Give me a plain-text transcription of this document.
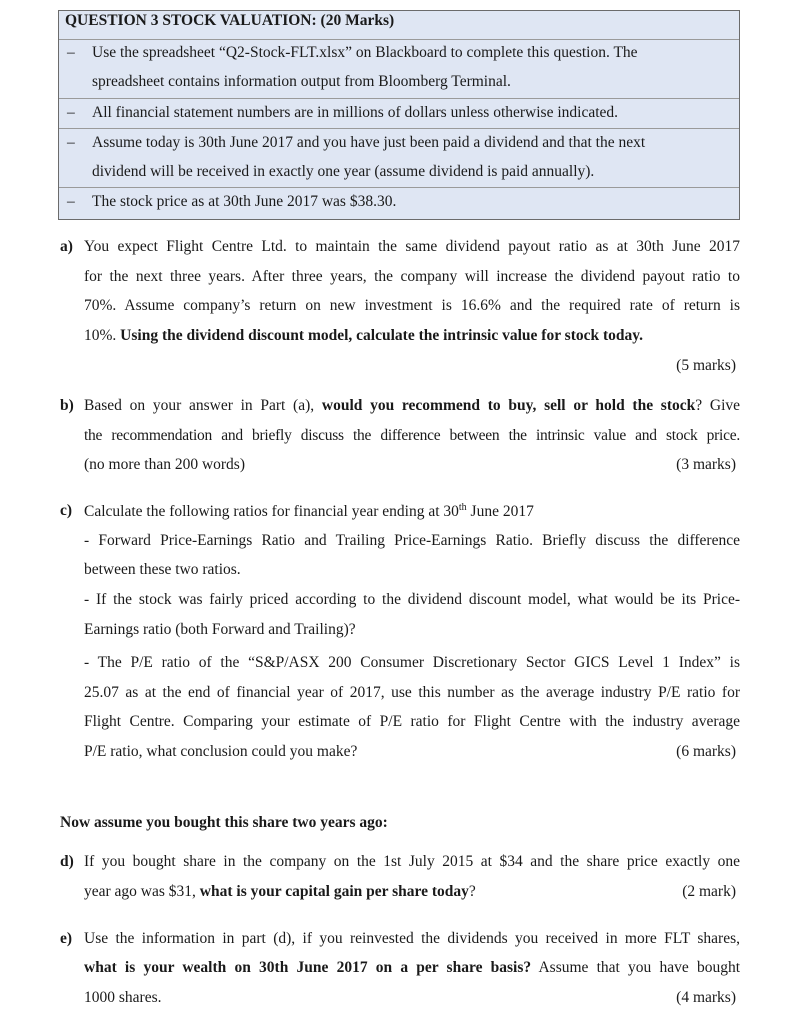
QUESTION 3 STOCK VALUATION: (20 Marks)
– Use the spreadsheet “Q2-Stock-FLT.xlsx” on Blackboard to complete this question. The
spreadsheet contains information output from Bloomberg Terminal.
– All financial statement numbers are in millions of dollars unless otherwise indicated.
– Assume today is 30th June 2017 and you have just been paid a dividend and that the next
dividend will be received in exactly one year (assume dividend is paid annually).
– The stock price as at 30th June 2017 was $38.30.
a) You expect Flight Centre Ltd. to maintain the same dividend payout ratio as at 30th June 2017
for the next three years. After three years, the company will increase the dividend payout ratio to
70%. Assume company’s return on new investment is 16.6% and the required rate of return is
10%. Using the dividend discount model, calculate the intrinsic value for stock today.
(5 marks)
b) Based on your answer in Part (a), would you recommend to buy, sell or hold the stock? Give
the recommendation and briefly discuss the difference between the intrinsic value and stock price.
(no more than 200 words)	(3 marks)
c) Calculate the following ratios for financial year ending at 30th June 2017
- Forward Price-Earnings Ratio and Trailing Price-Earnings Ratio. Briefly discuss the difference
between these two ratios.
- If the stock was fairly priced according to the dividend discount model, what would be its Price-
Earnings ratio (both Forward and Trailing)?
- The P/E ratio of the “S&P/ASX 200 Consumer Discretionary Sector GICS Level 1 Index” is
25.07 as at the end of financial year of 2017, use this number as the average industry P/E ratio for
Flight Centre. Comparing your estimate of P/E ratio for Flight Centre with the industry average
P/E ratio, what conclusion could you make?	(6 marks)
Now assume you bought this share two years ago:
d) If you bought share in the company on the 1st July 2015 at $34 and the share price exactly one
year ago was $31, what is your capital gain per share today?	(2 mark)
e) Use the information in part (d), if you reinvested the dividends you received in more FLT shares,
what is your wealth on 30th June 2017 on a per share basis? Assume that you have bought
1000 shares.	(4 marks)
